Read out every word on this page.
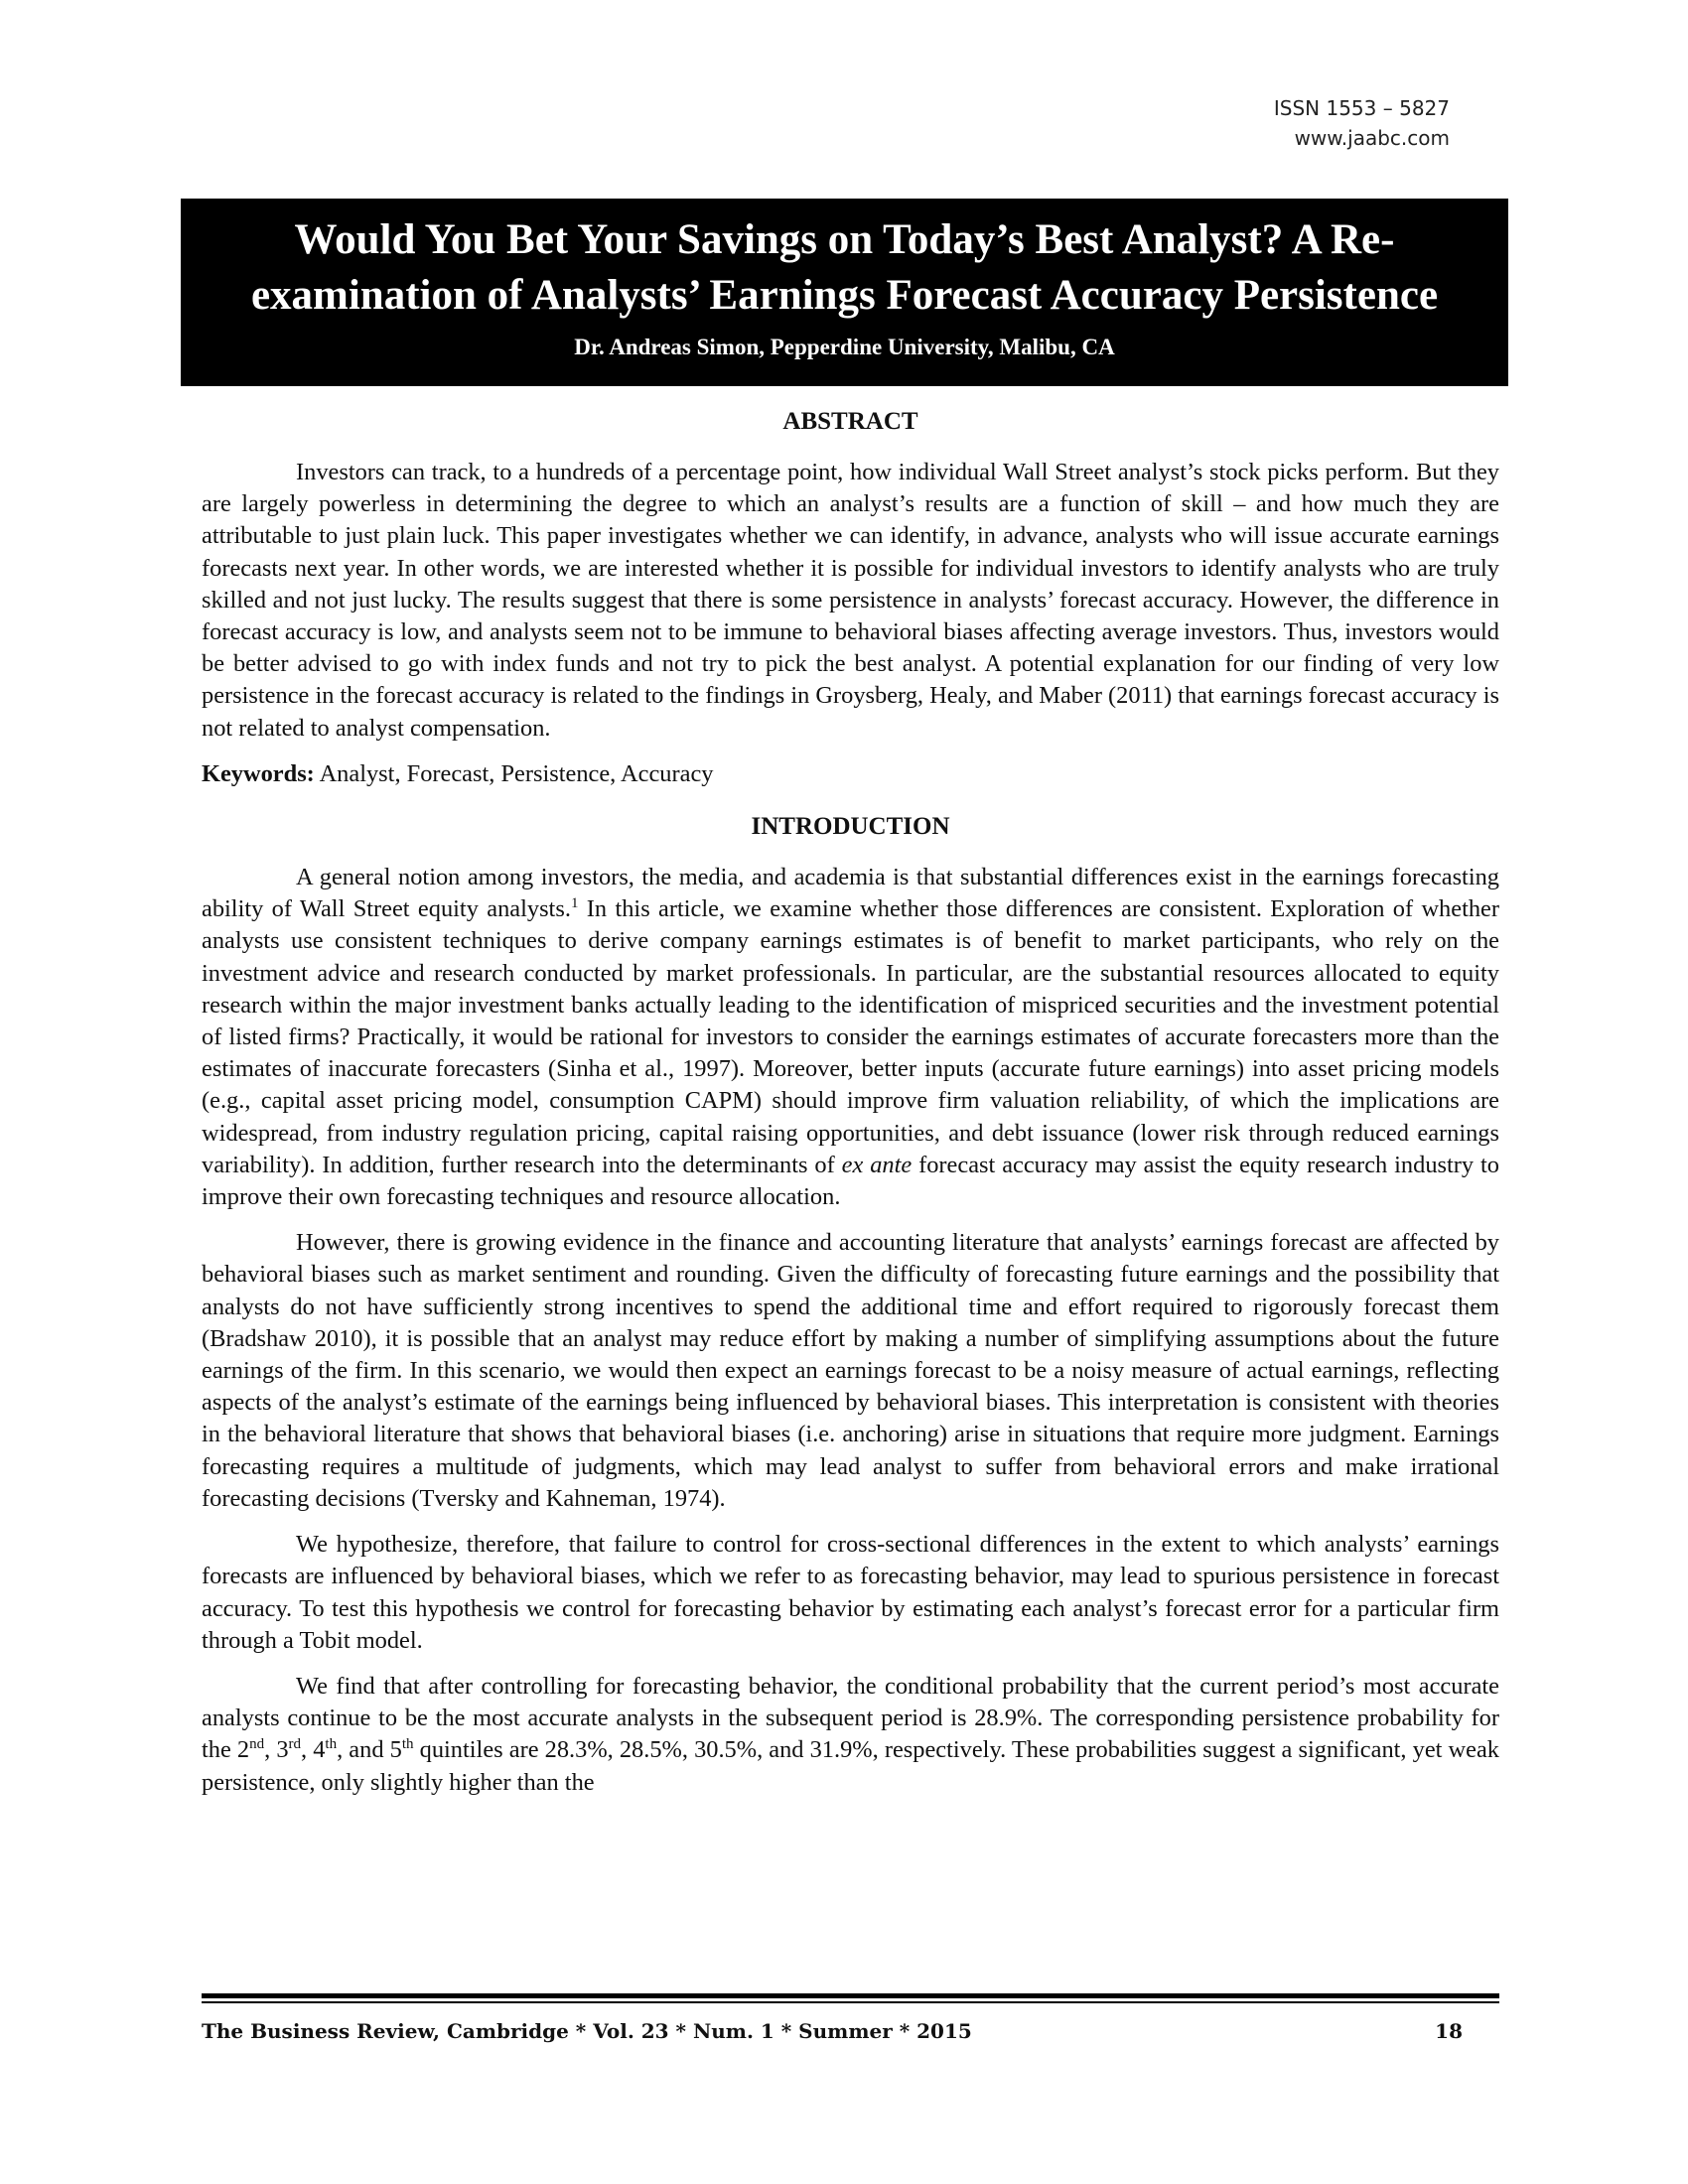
ISSN 1553 – 5827
www.jaabc.com
Would You Bet Your Savings on Today’s Best Analyst? A Re-
examination of Analysts’ Earnings Forecast Accuracy Persistence
Dr. Andreas Simon, Pepperdine University, Malibu, CA
ABSTRACT

Investors can track, to a hundreds of a percentage point, how individual Wall Street analyst’s stock picks perform. But they are largely powerless in determining the degree to which an analyst’s results are a function of skill – and how much they are attributable to just plain luck. This paper investigates whether we can identify, in advance, analysts who will issue accurate earnings forecasts next year. In other words, we are interested whether it is possible for individual investors to identify analysts who are truly skilled and not just lucky. The results suggest that there is some persistence in analysts’ forecast accuracy. However, the difference in forecast accuracy is low, and analysts seem not to be immune to behavioral biases affecting average investors. Thus, investors would be better advised to go with index funds and not try to pick the best analyst. A potential explanation for our finding of very low persistence in the forecast accuracy is related to the findings in Groysberg, Healy, and Maber (2011) that earnings forecast accuracy is not related to analyst compensation.

Keywords: Analyst, Forecast, Persistence, Accuracy

INTRODUCTION

A general notion among investors, the media, and academia is that substantial differences exist in the earnings forecasting ability of Wall Street equity analysts.$^1$ In this article, we examine whether those differences are consistent. Exploration of whether analysts use consistent techniques to derive company earnings estimates is of benefit to market participants, who rely on the investment advice and research conducted by market professionals. In particular, are the substantial resources allocated to equity research within the major investment banks actually leading to the identification of mispriced securities and the investment potential of listed firms? Practically, it would be rational for investors to consider the earnings estimates of accurate forecasters more than the estimates of inaccurate forecasters (Sinha et al., 1997). Moreover, better inputs (accurate future earnings) into asset pricing models (e.g., capital asset pricing model, consumption CAPM) should improve firm valuation reliability, of which the implications are widespread, from industry regulation pricing, capital raising opportunities, and debt issuance (lower risk through reduced earnings variability). In addition, further research into the determinants of ex ante forecast accuracy may assist the equity research industry to improve their own forecasting techniques and resource allocation.

However, there is growing evidence in the finance and accounting literature that analysts’ earnings forecast are affected by behavioral biases such as market sentiment and rounding. Given the difficulty of forecasting future earnings and the possibility that analysts do not have sufficiently strong incentives to spend the additional time and effort required to rigorously forecast them (Bradshaw 2010), it is possible that an analyst may reduce effort by making a number of simplifying assumptions about the future earnings of the firm. In this scenario, we would then expect an earnings forecast to be a noisy measure of actual earnings, reflecting aspects of the analyst’s estimate of the earnings being influenced by behavioral biases. This interpretation is consistent with theories in the behavioral literature that shows that behavioral biases (i.e. anchoring) arise in situations that require more judgment. Earnings forecasting requires a multitude of judgments, which may lead analyst to suffer from behavioral errors and make irrational forecasting decisions (Tversky and Kahneman, 1974).

We hypothesize, therefore, that failure to control for cross-sectional differences in the extent to which analysts’ earnings forecasts are influenced by behavioral biases, which we refer to as forecasting behavior, may lead to spurious persistence in forecast accuracy. To test this hypothesis we control for forecasting behavior by estimating each analyst’s forecast error for a particular firm through a Tobit model.

We find that after controlling for forecasting behavior, the conditional probability that the current period’s most accurate analysts continue to be the most accurate analysts in the subsequent period is 28.9%. The corresponding persistence probability for the 2nd, 3rd, 4th, and 5th quintiles are 28.3%, 28.5%, 30.5%, and 31.9%, respectively. These probabilities suggest a significant, yet weak persistence, only slightly higher than the

The Business Review, Cambridge * Vol. 23 * Num. 1 * Summer * 2015	18
